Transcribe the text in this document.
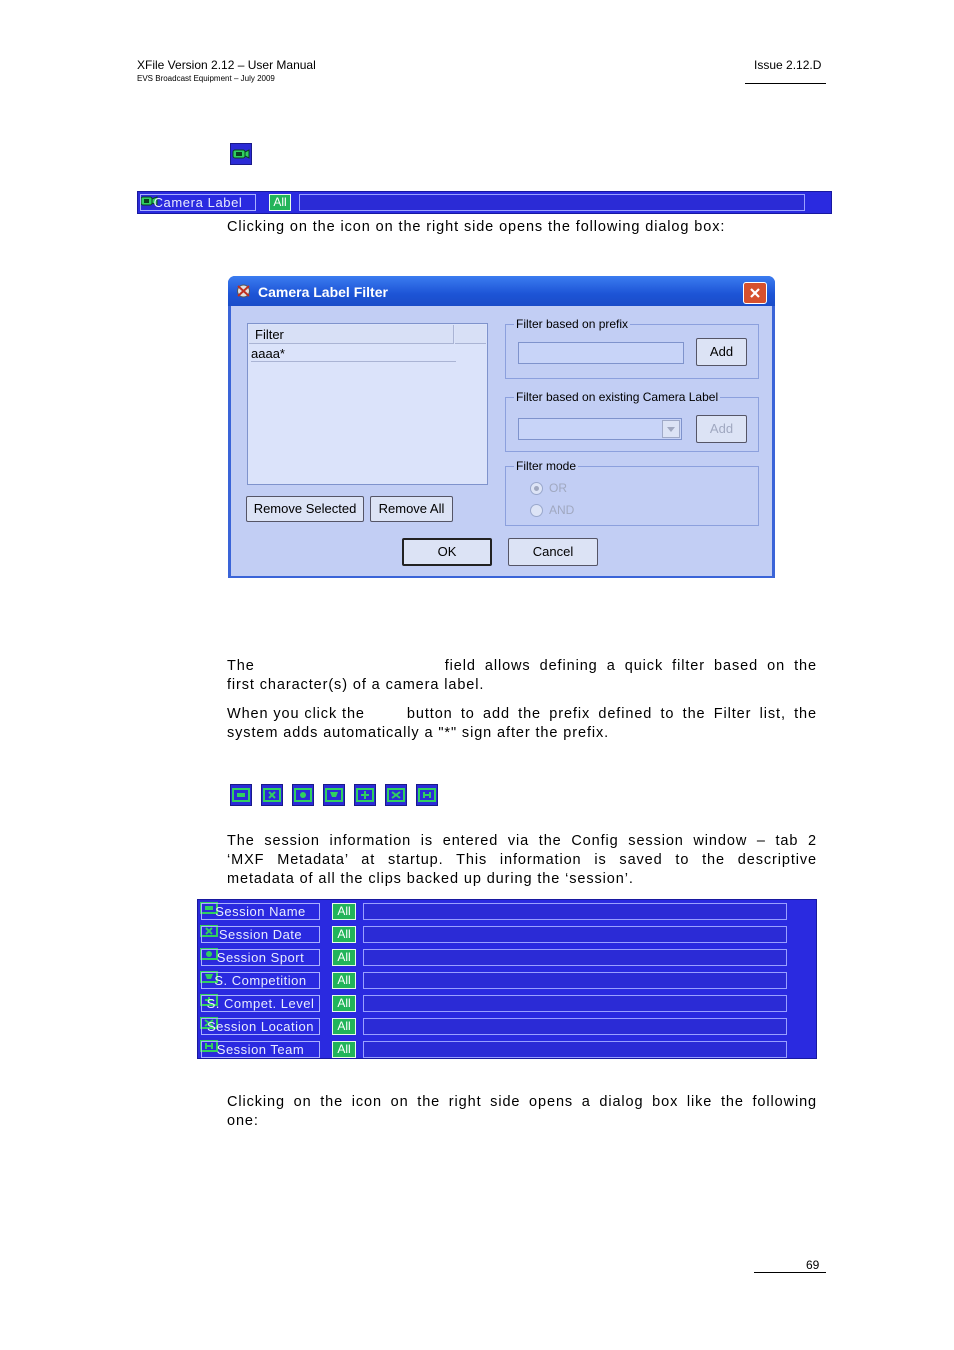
XFile Version 2.12 – User Manual
EVS Broadcast Equipment – July 2009
Issue 2.12.D
Camera Label	All
Clicking on the icon on the right side opens the following dialog box:
Camera Label Filter
Filter
aaaa*
Remove Selected	Remove All
Filter based on prefix
Add
Filter based on existing Camera Label
Add
Filter mode
OR
AND
OK	Cancel
The	field allows defining a quick filter based on the
first character(s) of a camera label.
When you click the	button to add the prefix defined to the Filter list, the
system adds automatically a "*" sign after the prefix.
The session information is entered via the Config session window – tab 2
‘MXF Metadata’ at startup. This information is saved to the descriptive
metadata of all the clips backed up during the ‘session’.
Session Name	All
Session Date	All
Session Sport	All
S. Competition	All
S. Compet. Level	All
Session Location	All
Session Team	All
Clicking on the icon on the right side opens a dialog box like the following
one:
69
